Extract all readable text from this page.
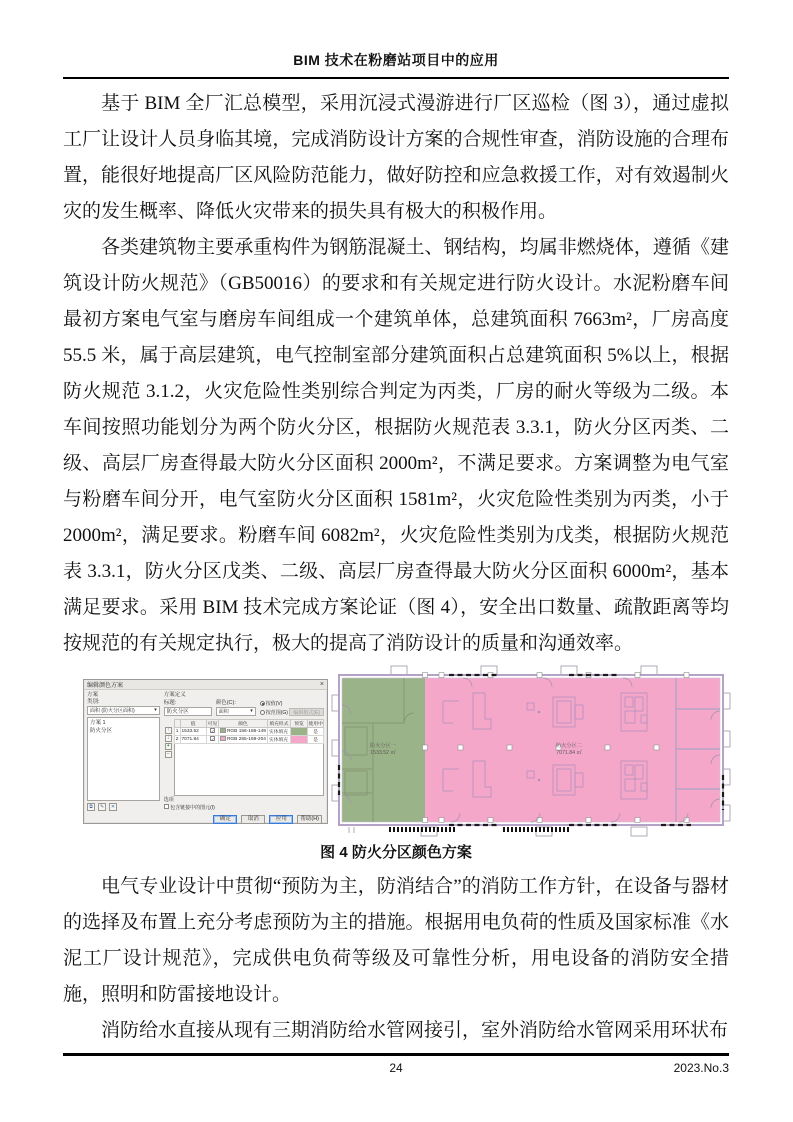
BIM 技术在粉磨站项目中的应用

基于 BIM 全厂汇总模型，采用沉浸式漫游进行厂区巡检（图 3），通过虚拟工厂让设计人员身临其境，完成消防设计方案的合规性审查，消防设施的合理布置，能很好地提高厂区风险防范能力，做好防控和应急救援工作，对有效遏制火灾的发生概率、降低火灾带来的损失具有极大的积极作用。

各类建筑物主要承重构件为钢筋混凝土、钢结构，均属非燃烧体，遵循《建筑设计防火规范》（GB50016）的要求和有关规定进行防火设计。水泥粉磨车间最初方案电气室与磨房车间组成一个建筑单体，总建筑面积 7663m²，厂房高度 55.5 米，属于高层建筑，电气控制室部分建筑面积占总建筑面积 5%以上，根据防火规范 3.1.2，火灾危险性类别综合判定为丙类，厂房的耐火等级为二级。本车间按照功能划分为两个防火分区，根据防火规范表 3.3.1，防火分区丙类、二级、高层厂房查得最大防火分区面积 2000m²，不满足要求。方案调整为电气室与粉磨车间分开，电气室防火分区面积 1581m²，火灾危险性类别为丙类，小于 2000m²，满足要求。粉磨车间 6082m²，火灾危险性类别为戊类，根据防火规范表 3.3.1，防火分区戊类、二级、高层厂房查得最大防火分区面积 6000m²，基本满足要求。采用 BIM 技术完成方案论证（图 4），安全出口数量、疏散距离等均按规范的有关规定执行，极大的提高了消防设计的质量和沟通效率。

编辑颜色方案	×
方案
类别:
面积 (防火分区面积)	▾
方案 1
防火分区
⧉	✎	✕
方案定义
标题:
防火分区
颜色(C):
面积	▾
按值(V)
按范围(G) 编辑格式(E)
↑
↓
+
−
	值	可见	颜色	填充样式	预览	使用中
1	1533.52	✓	RGB 156-186-149	实体填充		是
2	7071.84	✓	RGB 255-169-204	实体填充		是

选项
包含链接中的图元(I)
确定	取消	应用	帮助(H)
防火分区一
1533.52 ㎡
防火分区二
7071.84 ㎡
图 4 防火分区颜色方案

电气专业设计中贯彻“预防为主，防消结合”的消防工作方针，在设备与器材的选择及布置上充分考虑预防为主的措施。根据用电负荷的性质及国家标准《水泥工厂设计规范》，完成供电负荷等级及可靠性分析，用电设备的消防安全措施，照明和防雷接地设计。

消防给水直接从现有三期消防给水管网接引，室外消防给水管网采用环状布

24	2023.No.3
